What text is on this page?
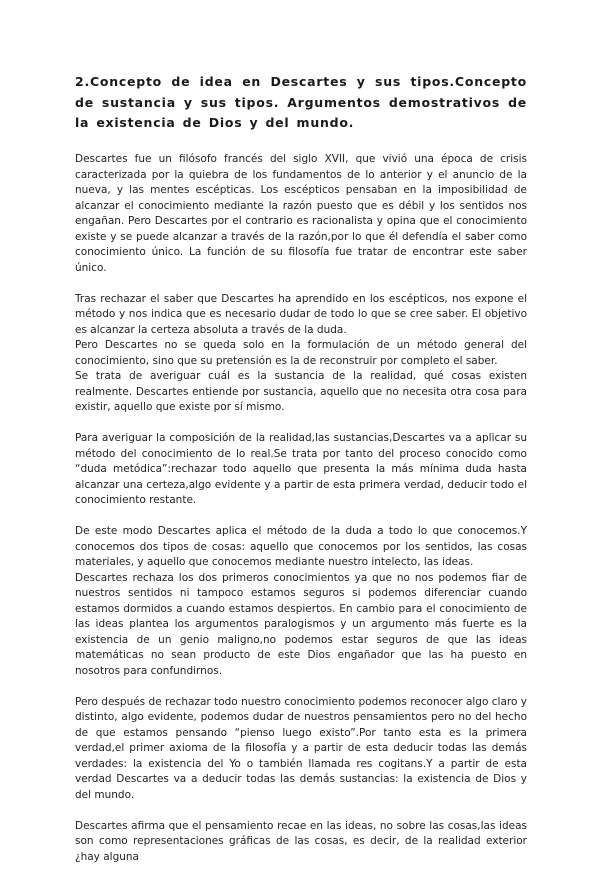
2.Concepto de idea en Descartes y sus tipos.Concepto de sustancia y sus tipos. Argumentos demostrativos de la existencia de Dios y del mundo.

Descartes fue un filósofo francés del siglo XVII, que vivió una época de crisis caracterizada por la quiebra de los fundamentos de lo anterior y el anuncio de la nueva, y las mentes escépticas. Los escépticos pensaban en la imposibilidad de alcanzar el conocimiento mediante la razón puesto que es débil y los sentidos nos engañan. Pero Descartes por el contrario es racionalista y opina que el conocimiento existe y se puede alcanzar a través de la razón,por lo que él defendía el saber como conocimiento único. La función de su filosofía fue tratar de encontrar este saber único.

Tras rechazar el saber que Descartes ha aprendido en los escépticos, nos expone el método y nos indica que es necesario dudar de todo lo que se cree saber. El objetivo es alcanzar la certeza absoluta a través de la duda.

Pero Descartes no se queda solo en la formulación de un método general del conocimiento, sino que su pretensión es la de reconstruir por completo el saber.

Se trata de averiguar cuál es la sustancia de la realidad, qué cosas existen realmente. Descartes entiende por sustancia, aquello que no necesita otra cosa para existir, aquello que existe por sí mismo.

Para averiguar la composición de la realidad,las sustancias,Descartes va a aplicar su método del conocimiento de lo real.Se trata por tanto del proceso conocido como “duda metódica”:rechazar todo aquello que presenta la más mínima duda hasta alcanzar una certeza,algo evidente y a partir de esta primera verdad, deducir todo el conocimiento restante.

De este modo Descartes aplica el método de la duda a todo lo que conocemos.Y conocemos dos tipos de cosas: aquello que conocemos por los sentidos, las cosas materiales, y aquello que conocemos mediante nuestro intelecto, las ideas.

Descartes rechaza los dos primeros conocimientos ya que no nos podemos fiar de nuestros sentidos ni tampoco estamos seguros si podemos diferenciar cuando estamos dormidos a cuando estamos despiertos. En cambio para el conocimiento de las ideas plantea los argumentos paralogismos y un argumento más fuerte es la existencia de un genio maligno,no podemos estar seguros de que las ideas matemáticas no sean producto de este Dios engañador que las ha puesto en nosotros para confundirnos.

Pero después de rechazar todo nuestro conocimiento podemos reconocer algo claro y distinto, algo evidente, podemos dudar de nuestros pensamientos pero no del hecho de que estamos pensando “pienso luego existo”.Por tanto esta es la primera verdad,el primer axioma de la filosofía y a partir de esta deducir todas las demás verdades: la existencia del Yo o también llamada res cogitans.Y a partir de esta verdad Descartes va a deducir todas las demás sustancias: la existencia de Dios y del mundo.

Descartes afirma que el pensamiento recae en las ideas, no sobre las cosas,las ideas son como representaciones gráficas de las cosas, es decir, de la realidad exterior ¿hay alguna
